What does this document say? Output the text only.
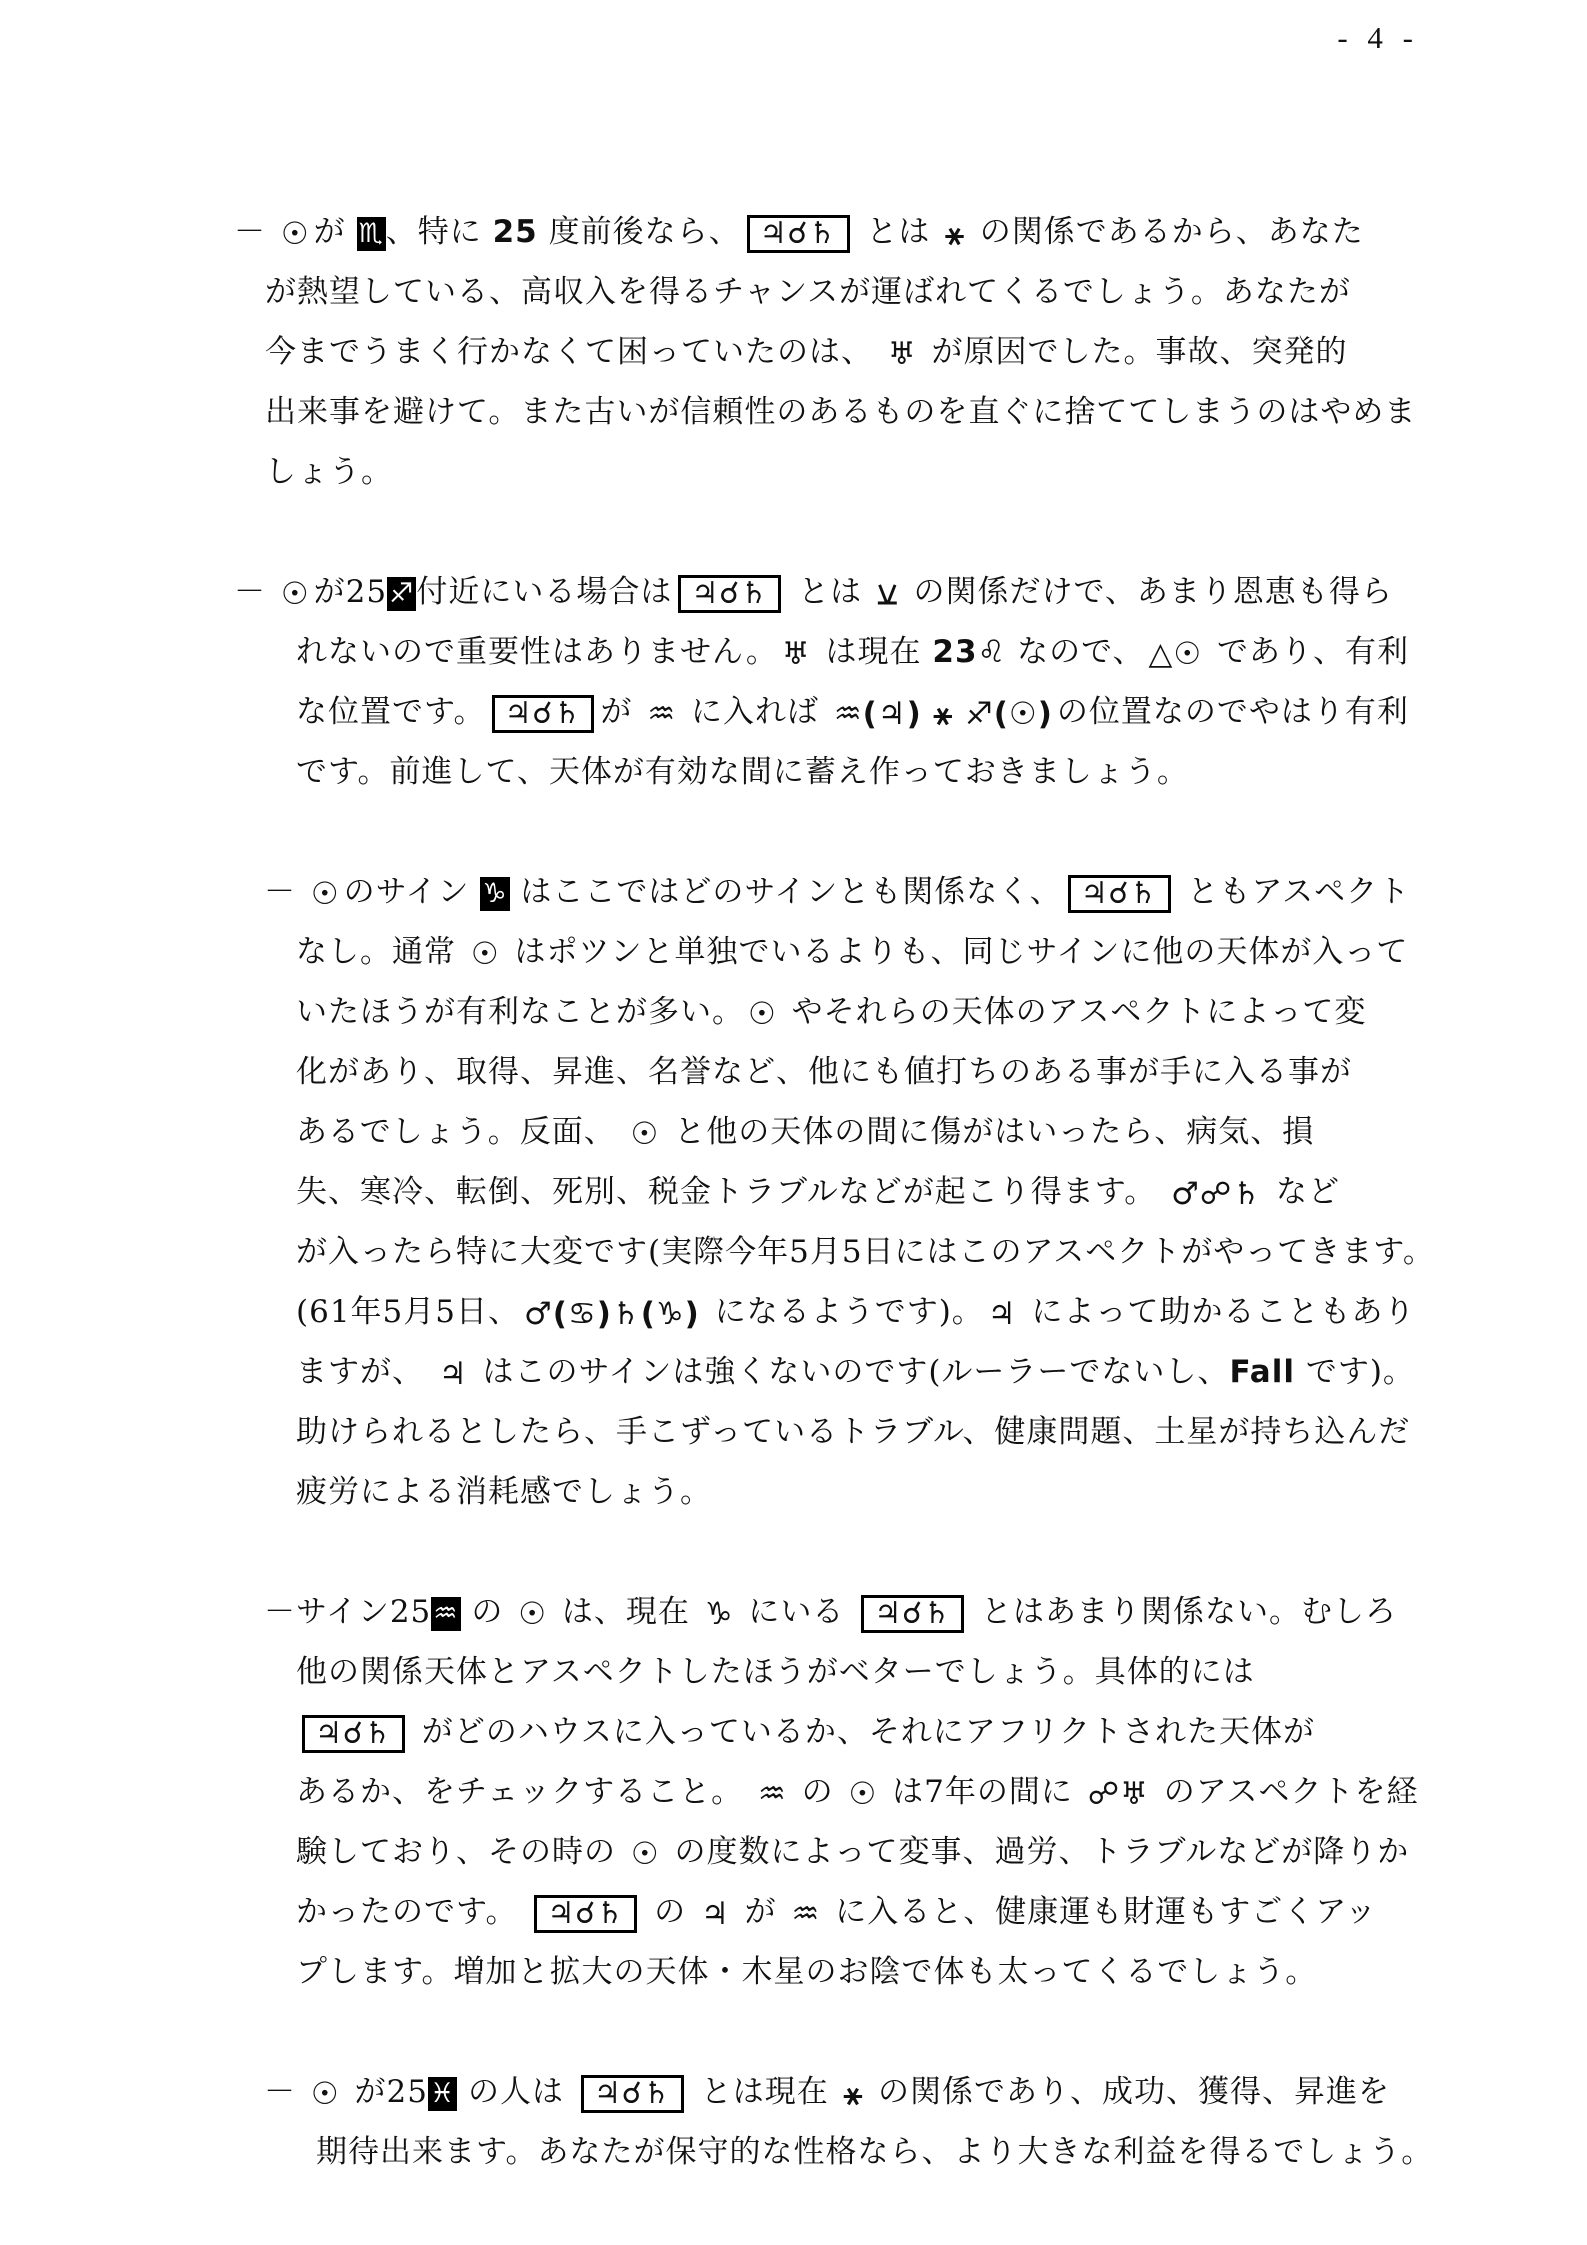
- 4 -
－ ☉ が ♏、特に 25 度前後なら、 ♃☌♄ とは ⚹ の関係であるから、あなた
が熱望している、高収入を得るチャンスが運ばれてくるでしょう。あなたが
今までうまく行かなくて困っていたのは、 ♅ が原因でした。事故、突発的
出来事を避けて。また古いが信頼性のあるものを直ぐに捨ててしまうのはやめま
しょう。
－ ☉ が25♐付近にいる場合は ♃☌♄ とは ⚺ の関係だけで、あまり恩恵も得ら
れないので重要性はありません。 ♅ は現在 23♌ なので、 △☉ であり、有利
な位置です。 ♃☌♄ が ♒ に入れば ♒(♃) ⚹ ♐(☉) の位置なのでやはり有利
です。前進して、天体が有効な間に蓄え作っておきましょう。
－ ☉ のサイン ♑ はここではどのサインとも関係なく、 ♃☌♄ ともアスペクト
なし。通常 ☉ はポツンと単独でいるよりも、同じサインに他の天体が入って
いたほうが有利なことが多い。 ☉ やそれらの天体のアスペクトによって変
化があり、取得、昇進、名誉など、他にも値打ちのある事が手に入る事が
あるでしょう。反面、 ☉ と他の天体の間に傷がはいったら、病気、損
失、寒冷、転倒、死別、税金トラブルなどが起こり得ます。 ♂☍♄ など
が入ったら特に大変です(実際今年5月5日にはこのアスペクトがやってきます。
(61年5月5日、 ♂(♋)♄(♑) になるようです)。 ♃ によって助かることもあり
ますが、 ♃ はこのサインは強くないのです(ルーラーでないし、Fall です)。
助けられるとしたら、手こずっているトラブル、健康問題、土星が持ち込んだ
疲労による消耗感でしょう。
－サイン25♒ の ☉ は、現在 ♑ にいる ♃☌♄ とはあまり関係ない。むしろ
他の関係天体とアスペクトしたほうがベターでしょう。具体的には
♃☌♄ がどのハウスに入っているか、それにアフリクトされた天体が
あるか、をチェックすること。 ♒ の ☉ は7年の間に ☍♅ のアスペクトを経
験しており、その時の ☉ の度数によって変事、過労、トラブルなどが降りか
かったのです。 ♃☌♄ の ♃ が ♒ に入ると、健康運も財運もすごくアッ
プします。増加と拡大の天体・木星のお陰で体も太ってくるでしょう。
－ ☉ が25♓ の人は ♃☌♄ とは現在 ⚹ の関係であり、成功、獲得、昇進を
期待出来ます。あなたが保守的な性格なら、より大きな利益を得るでしょう。
